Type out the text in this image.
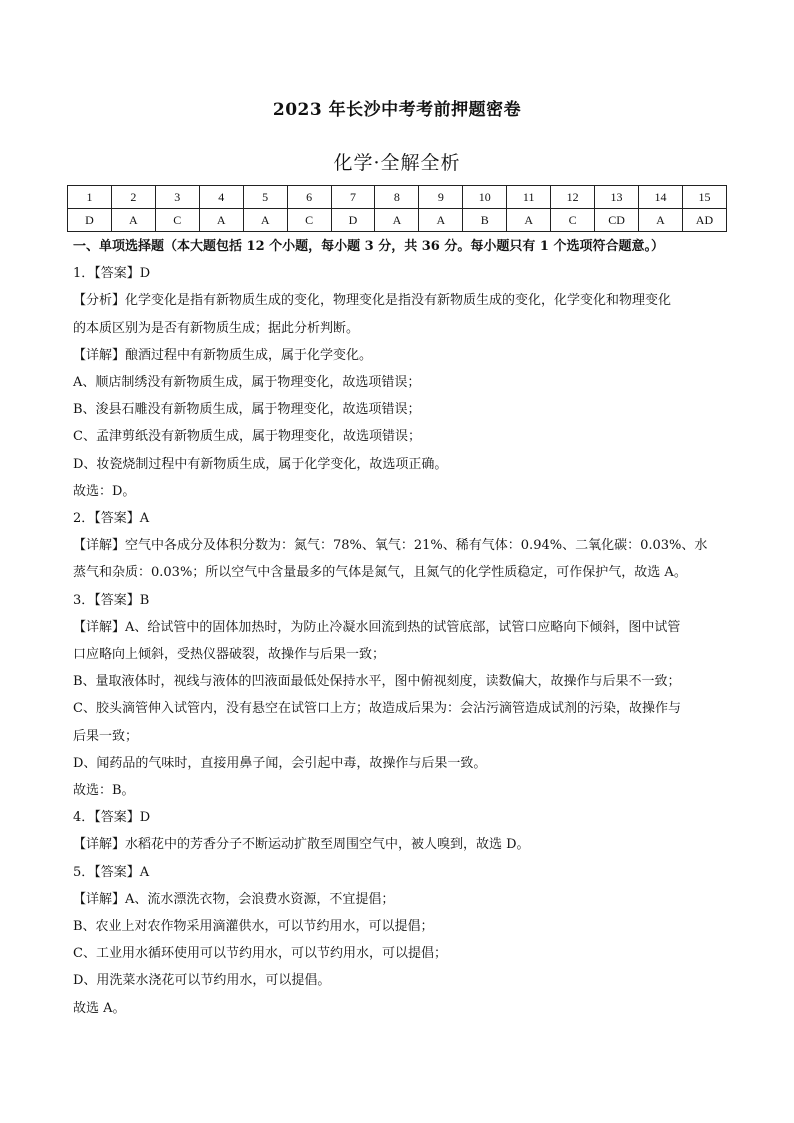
2023 年长沙中考考前押题密卷
化学·全解全析
1	2	3	4	5	6	7	8	9	10	11	12	13	14	15
D	A	C	A	A	C	D	A	A	B	A	C	CD	A	AD
一、单项选择题（本大题包括 12 个小题，每小题 3 分，共 36 分。每小题只有 1 个选项符合题意。）
1．【答案】D
【分析】化学变化是指有新物质生成的变化，物理变化是指没有新物质生成的变化，化学变化和物理变化
的本质区别为是否有新物质生成；据此分析判断。
【详解】酿酒过程中有新物质生成，属于化学变化。
A、顺店制绣没有新物质生成，属于物理变化，故选项错误；
B、浚县石雕没有新物质生成，属于物理变化，故选项错误；
C、孟津剪纸没有新物质生成，属于物理变化，故选项错误；
D、妆瓷烧制过程中有新物质生成，属于化学变化，故选项正确。
故选：D。
2．【答案】A
【详解】空气中各成分及体积分数为：氮气：78%、氧气：21%、稀有气体：0.94%、二氧化碳：0.03%、水
蒸气和杂质：0.03%；所以空气中含量最多的气体是氮气，且氮气的化学性质稳定，可作保护气，故选 A。
3．【答案】B
【详解】A、给试管中的固体加热时，为防止冷凝水回流到热的试管底部，试管口应略向下倾斜，图中试管
口应略向上倾斜，受热仪器破裂，故操作与后果一致；
B、量取液体时，视线与液体的凹液面最低处保持水平，图中俯视刻度，读数偏大，故操作与后果不一致；
C、胶头滴管伸入试管内，没有悬空在试管口上方；故造成后果为：会沾污滴管造成试剂的污染，故操作与
后果一致；
D、闻药品的气味时，直接用鼻子闻，会引起中毒，故操作与后果一致。
故选：B。
4．【答案】D
【详解】水稻花中的芳香分子不断运动扩散至周围空气中，被人嗅到，故选 D。
5．【答案】A
【详解】A、流水漂洗衣物，会浪费水资源，不宜提倡；
B、农业上对农作物采用滴灌供水，可以节约用水，可以提倡；
C、工业用水循环使用可以节约用水，可以节约用水，可以提倡；
D、用洗菜水浇花可以节约用水，可以提倡。
故选 A。
